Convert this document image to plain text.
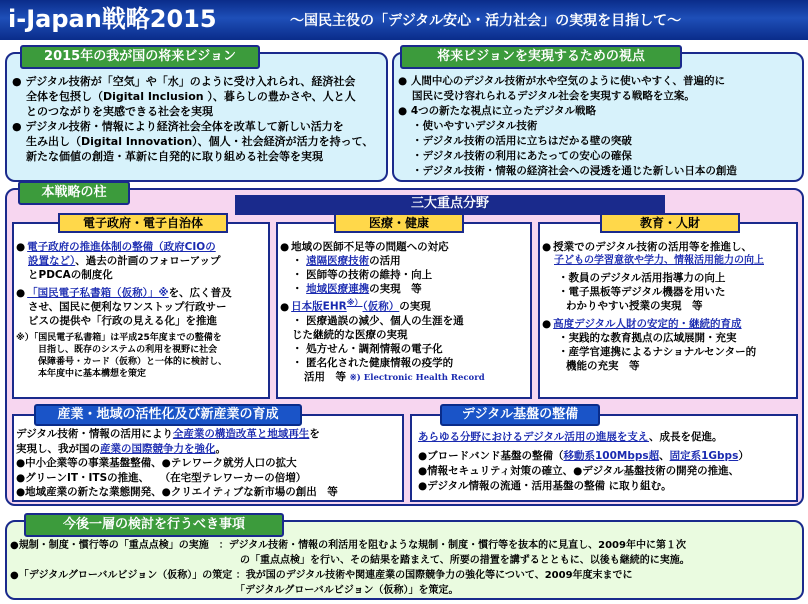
i-Japan戦略2015	～国民主役の「デジタル安心・活力社会」の実現を目指して～
2015年の我が国の将来ビジョン
● デジタル技術が「空気」や「水」のように受け入れられ、経済社会
全体を包摂し（Digital Inclusion ）、暮らしの豊かさや、人と人
とのつながりを実感できる社会を実現
● デジタル技術・情報により経済社会全体を改革して新しい活力を
生み出し（Digital Innovation）、個人・社会経済が活力を持って、
新たな価値の創造・革新に自発的に取り組める社会等を実現
将来ビジョンを実現するための視点
● 人間中心のデジタル技術が水や空気のように使いやすく、普遍的に
国民に受け容れられるデジタル社会を実現する戦略を立案。
● 4つの新たな視点に立ったデジタル戦略
・使いやすいデジタル技術
・デジタル技術の活用に立ちはだかる壁の突破
・デジタル技術の利用にあたっての安心の確保
・デジタル技術・情報の経済社会への浸透を通じた新しい日本の創造
本戦略の柱
三大重点分野
電子政府・電子自治体
● 電子政府の推進体制の整備（政府CIOの
設置など）、過去の計画のフォローアップ
とPDCAの制度化
● 「国民電子私書箱（仮称）」※を、広く普及
させ、国民に便利なワンストップ行政サー
ビスの提供や「行政の見える化」を推進
※）「国民電子私書箱」は平成25年度までの整備を
目指し、既存のシステムの利用を視野に社会
保障番号・カード（仮称）と一体的に検討し、
本年度中に基本構想を策定
医療・健康
● 地域の医師不足等の問題への対応
・ 遠隔医療技術の活用
・ 医師等の技術の維持・向上
・ 地域医療連携の実現　等
● 日本版EHR※）（仮称）の実現
・ 医療過誤の減少、個人の生涯を通
じた継続的な医療の実現
・ 処方せん・調剤情報の電子化
・ 匿名化された健康情報の疫学的
活用　等 ※) Electronic Health Record
教育・人財
● 授業でのデジタル技術の活用等を推進し、
子どもの学習意欲や学力、情報活用能力の向上
・教員のデジタル活用指導力の向上
・電子黒板等デジタル機器を用いた
わかりやすい授業の実現　等
● 高度デジタル人財の安定的・継続的育成
・実践的な教育拠点の広域展開・充実
・産学官連携によるナショナルセンター的
機能の充実　等
産業・地域の活性化及び新産業の育成
デジタル技術・情報の活用により全産業の構造改革と地域再生を
実現し、我が国の産業の国際競争力を強化。
●中小企業等の事業基盤整備、●テレワーク就労人口の拡大
●グリーンIT・ITSの推進、　　（在宅型テレワーカーの倍増）
●地域産業の新たな業態開発、●クリエイティブな新市場の創出　等
デジタル基盤の整備
あらゆる分野におけるデジタル活用の進展を支え、成長を促進。
●ブロードバンド基盤の整備（移動系100Mbps超、固定系1Gbps）
●情報セキュリティ対策の確立、●デジタル基盤技術の開発の推進、
●デジタル情報の流通・活用基盤の整備 に取り組む。
今後一層の検討を行うべき事項
●規制・制度・慣行等の「重点点検」の実施　：デジタル技術・情報の利活用を阻むような規制・制度・慣行等を抜本的に見直し、2009年中に第１次
　　　　　　　　　　　　　　　　　　　　　　　の「重点点検」を行い、その結果を踏まえて、所要の措置を講ずるとともに、以後も継続的に実施。
●「デジタルグローバルビジョン（仮称）」の策定 ：我が国のデジタル技術や関連産業の国際競争力の強化等について、2009年度末までに
　　　　　　　　　　　　　　　　　　　　　　　「デジタルグローバルビジョン（仮称）」を策定。
